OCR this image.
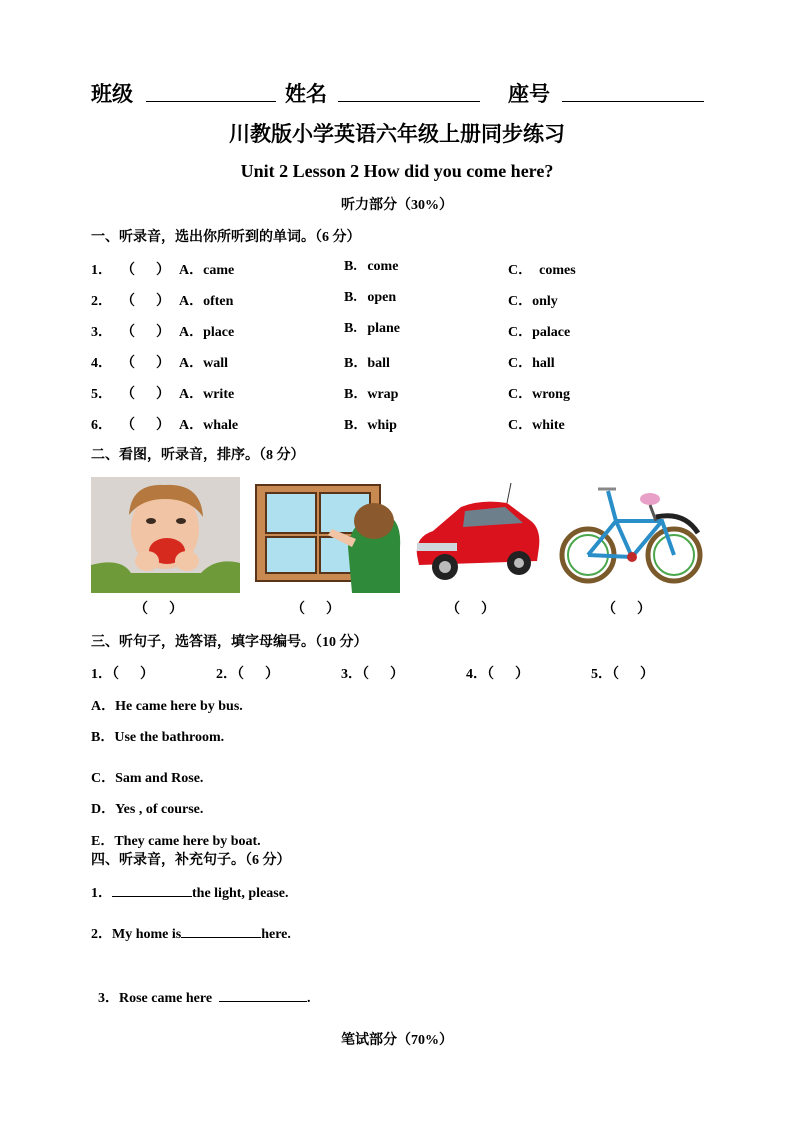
班级	姓名	座号
川教版小学英语六年级上册同步练习
Unit 2 Lesson 2 How did you come here?
听力部分（30%）
一、听录音，选出你所听到的单词。（6 分）
1． （      ） A．came	B.   come	C．  comes
2． （      ） A．often	B.   open	C．only
3． （      ） A．place	B.   plane	C．palace
4． （      ） A．wall	B．ball	C．hall
5． （      ） A．write	B．wrap	C．wrong
6． （      ） A．whale	B．whip	C．white
二、看图，听录音，排序。（8 分）
（      ）	（      ）	（      ）	（      ）
三、听句子，选答语，填字母编号。（10 分）
1．（      ）	2．（      ）	3．（      ）	4．（      ）	5．（      ）
A．He came here by bus.
B．Use the bathroom.
C．Sam and Rose.
D．Yes , of course.
E．They came here by boat.
四、听录音，补充句子。（6 分）
1．	the light, please.
2．My home is	here.

3．Rose came here	.

笔试部分（70%）
